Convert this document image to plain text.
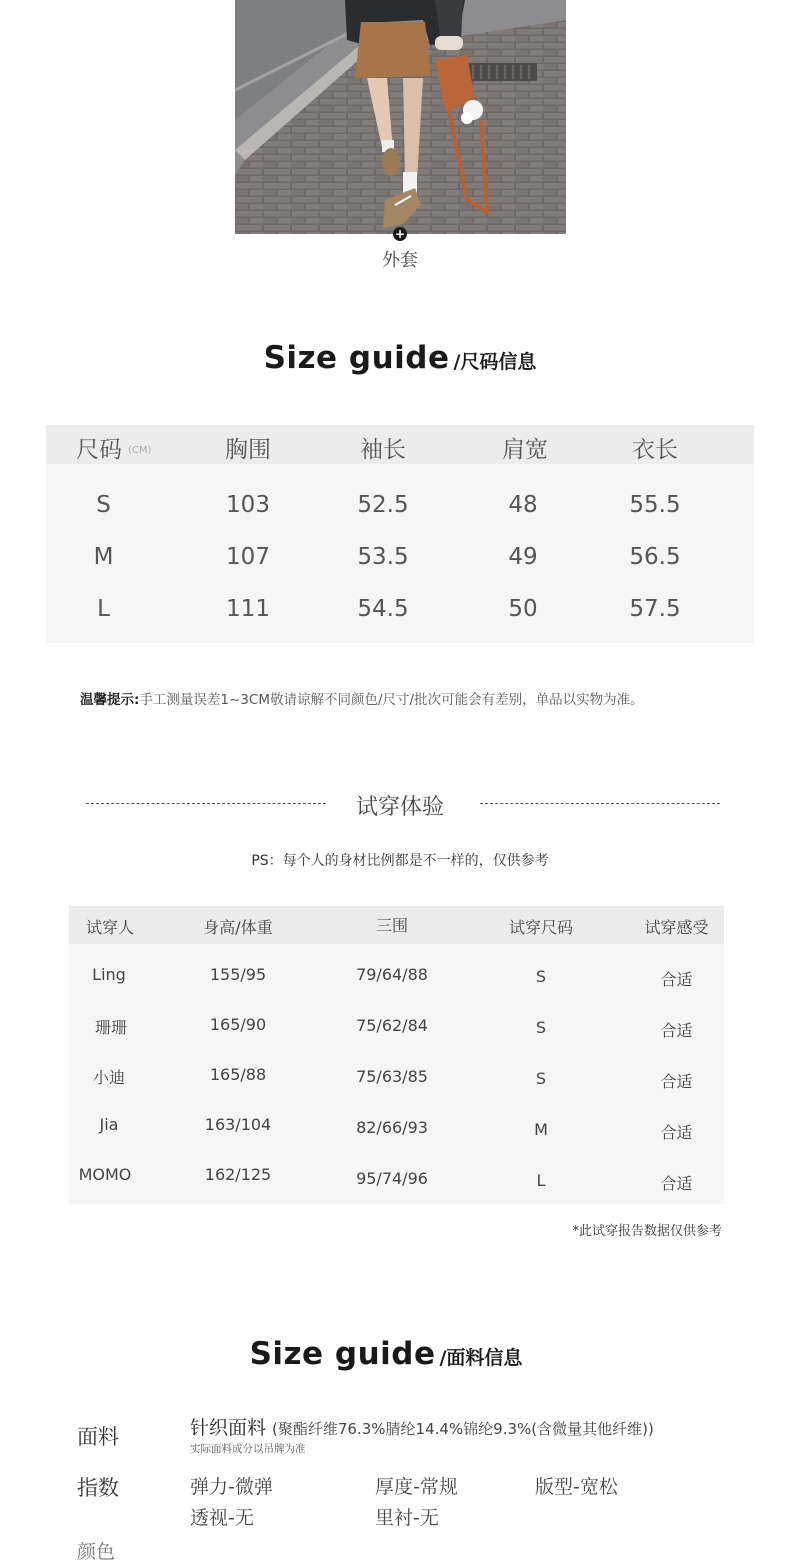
+
外套
Size guide /尺码信息
尺码 (CM)	胸围	袖长	肩宽	衣长
S	103	52.5	48	55.5
M	107	53.5	49	56.5
L	111	54.5	50	57.5
温馨提示:手工测量误差1~3CM敬请谅解不同颜色/尺寸/批次可能会有差别，单品以实物为准。
试穿体验
PS：每个人的身材比例都是不一样的，仅供参考
试穿人	身高/体重	三围	试穿尺码	试穿感受
Ling	155/95	79/64/88	S	合适
珊珊	165/90	75/62/84	S	合适
小迪	165/88	75/63/85	S	合适
Jia	163/104	82/66/93	M	合适
MOMO	162/125	95/74/96	L	合适
*此试穿报告数据仅供参考
Size guide /面料信息
面料	针织面料 (聚酯纤维76.3%腈纶14.4%锦纶9.3%(含微量其他纤维))
实际面料成分以吊牌为准
指数	弹力-微弹	厚度-常规	版型-宽松
透视-无	里衬-无
颜色
